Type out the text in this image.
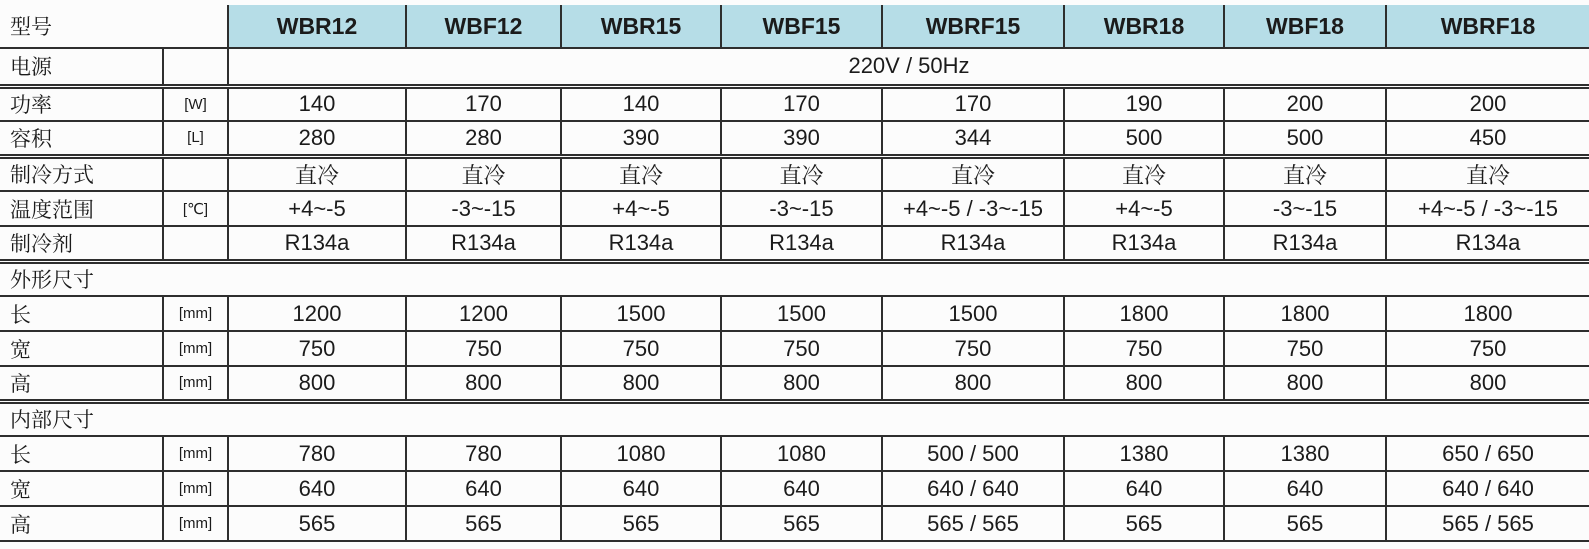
型号		WBR12	WBF12	WBR15	WBF15	WBRF15	WBR18	WBF18	WBRF18
电源		220V / 50Hz							
功率	[W]	140	170	140	170	170	190	200	200
容积	[L]	280	280	390	390	344	500	500	450
制冷方式		直冷	直冷	直冷	直冷	直冷	直冷	直冷	直冷
温度范围	[℃]	+4~-5	-3~-15	+4~-5	-3~-15	+4~-5 / -3~-15	+4~-5	-3~-15	+4~-5 / -3~-15
制冷剂		R134a	R134a	R134a	R134a	R134a	R134a	R134a	R134a
外形尺寸									
长	[mm]	1200	1200	1500	1500	1500	1800	1800	1800
宽	[mm]	750	750	750	750	750	750	750	750
高	[mm]	800	800	800	800	800	800	800	800
内部尺寸									
长	[mm]	780	780	1080	1080	500 / 500	1380	1380	650 / 650
宽	[mm]	640	640	640	640	640 / 640	640	640	640 / 640
高	[mm]	565	565	565	565	565 / 565	565	565	565 / 565
